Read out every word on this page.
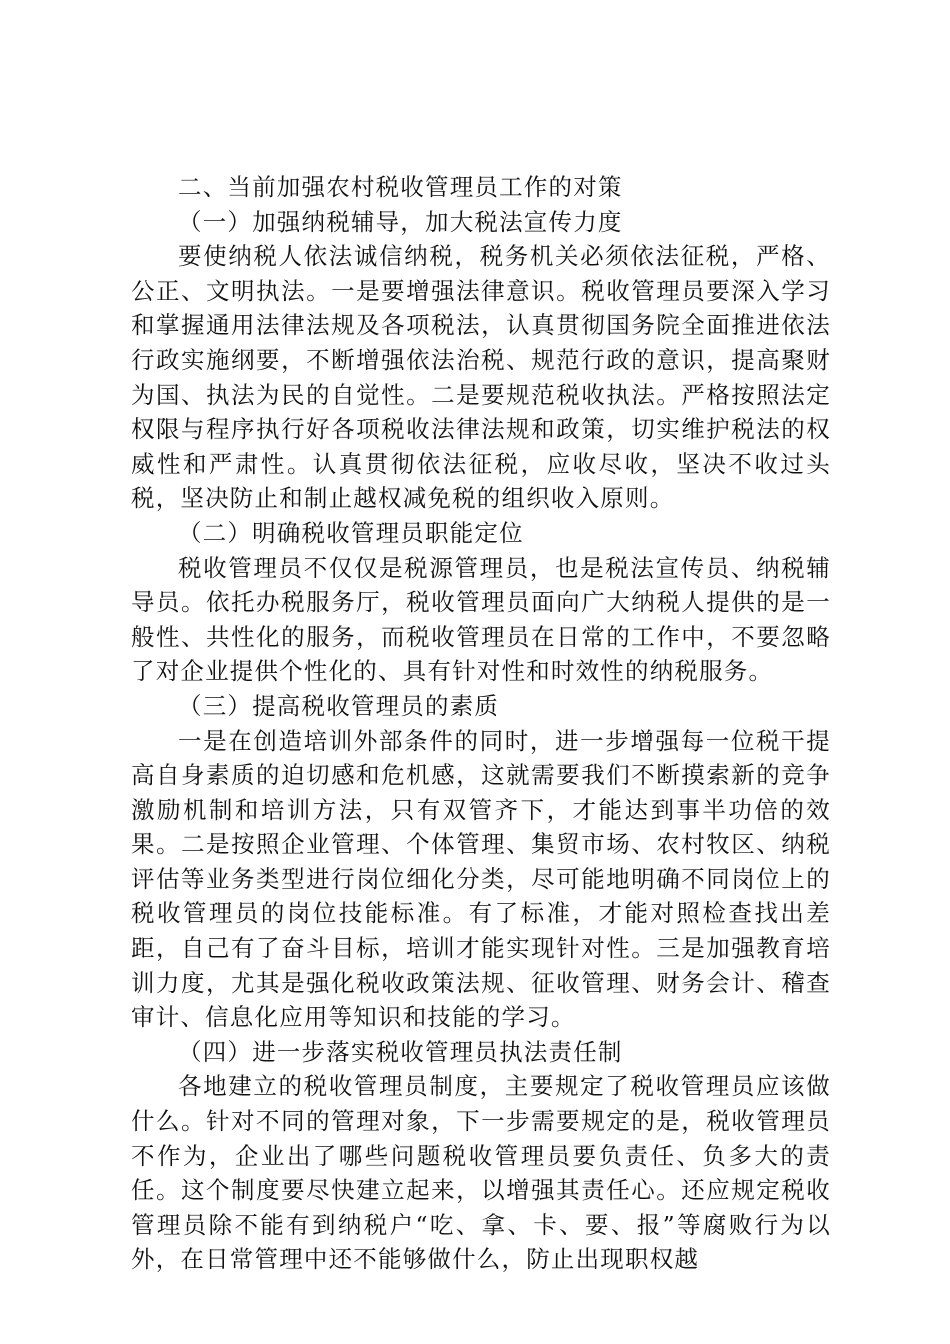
二、当前加强农村税收管理员工作的对策

（一）加强纳税辅导，加大税法宣传力度

要使纳税人依法诚信纳税，税务机关必须依法征税，严格、公正、文明执法。一是要增强法律意识。税收管理员要深入学习和掌握通用法律法规及各项税法，认真贯彻国务院全面推进依法行政实施纲要，不断增强依法治税、规范行政的意识，提高聚财为国、执法为民的自觉性。二是要规范税收执法。严格按照法定权限与程序执行好各项税收法律法规和政策，切实维护税法的权威性和严肃性。认真贯彻依法征税，应收尽收，坚决不收过头税，坚决防止和制止越权减免税的组织收入原则。

（二）明确税收管理员职能定位

税收管理员不仅仅是税源管理员，也是税法宣传员、纳税辅导员。依托办税服务厅，税收管理员面向广大纳税人提供的是一般性、共性化的服务，而税收管理员在日常的工作中，不要忽略了对企业提供个性化的、具有针对性和时效性的纳税服务。

（三）提高税收管理员的素质

一是在创造培训外部条件的同时，进一步增强每一位税干提高自身素质的迫切感和危机感，这就需要我们不断摸索新的竞争激励机制和培训方法，只有双管齐下，才能达到事半功倍的效果。二是按照企业管理、个体管理、集贸市场、农村牧区、纳税评估等业务类型进行岗位细化分类，尽可能地明确不同岗位上的税收管理员的岗位技能标准。有了标准，才能对照检查找出差距，自己有了奋斗目标，培训才能实现针对性。三是加强教育培训力度，尤其是强化税收政策法规、征收管理、财务会计、稽查审计、信息化应用等知识和技能的学习。

（四）进一步落实税收管理员执法责任制

各地建立的税收管理员制度，主要规定了税收管理员应该做什么。针对不同的管理对象，下一步需要规定的是，税收管理员不作为，企业出了哪些问题税收管理员要负责任、负多大的责任。这个制度要尽快建立起来，以增强其责任心。还应规定税收管理员除不能有到纳税户“吃、拿、卡、要、报”等腐败行为以外，在日常管理中还不能够做什么，防止出现职权越
